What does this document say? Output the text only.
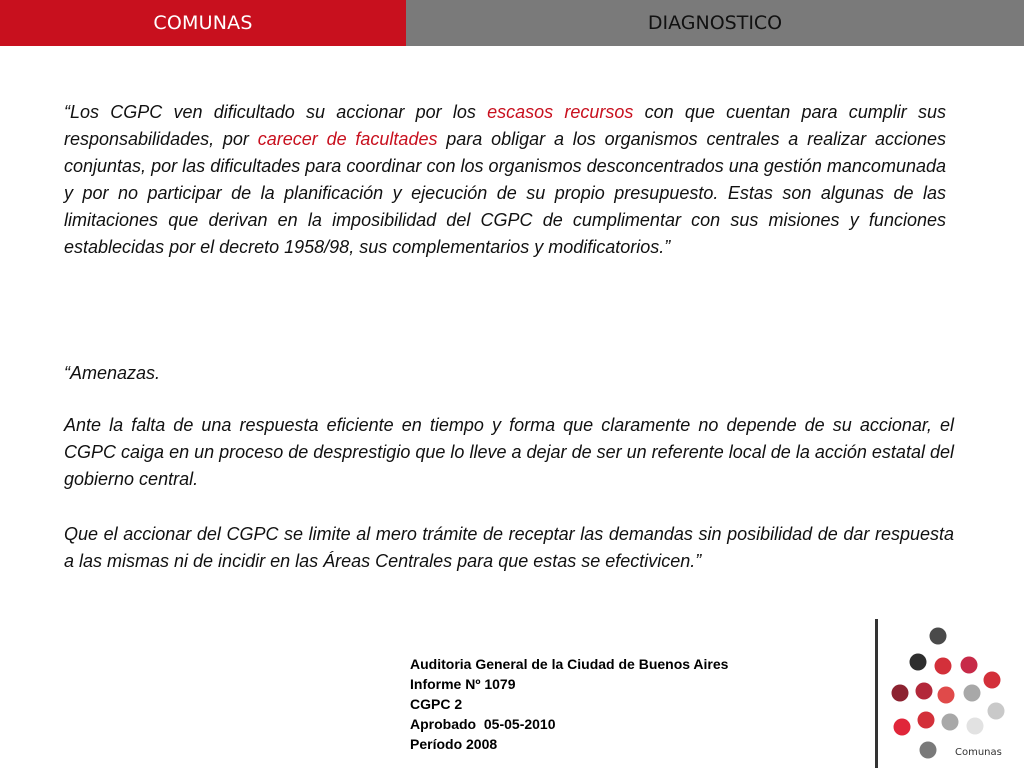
COMUNAS	DIAGNOSTICO
“Los CGPC ven dificultado su accionar por los escasos recursos con que cuentan para cumplir sus responsabilidades, por carecer de facultades para obligar a los organismos centrales a realizar acciones conjuntas, por las dificultades para coordinar con los organismos desconcentrados una gestión mancomunada y por no participar de la planificación y ejecución de su propio presupuesto. Estas son algunas de las limitaciones que derivan en la imposibilidad del CGPC de cumplimentar con sus misiones y funciones establecidas por el decreto 1958/98, sus complementarios y modificatorios.”
“Amenazas.
Ante la falta de una respuesta eficiente en tiempo y forma que claramente no depende de su accionar, el CGPC caiga en un proceso de desprestigio que lo lleve a dejar de ser un referente local de la acción estatal del gobierno central.
Que el accionar del CGPC se limite al mero trámite de receptar las demandas sin posibilidad de dar respuesta a las mismas ni de incidir en las Áreas Centrales para que estas se efectivicen.”
Auditoria General de la Ciudad de Buenos Aires
Informe Nº 1079
CGPC 2
Aprobado  05-05-2010
Período 2008
Comunas
